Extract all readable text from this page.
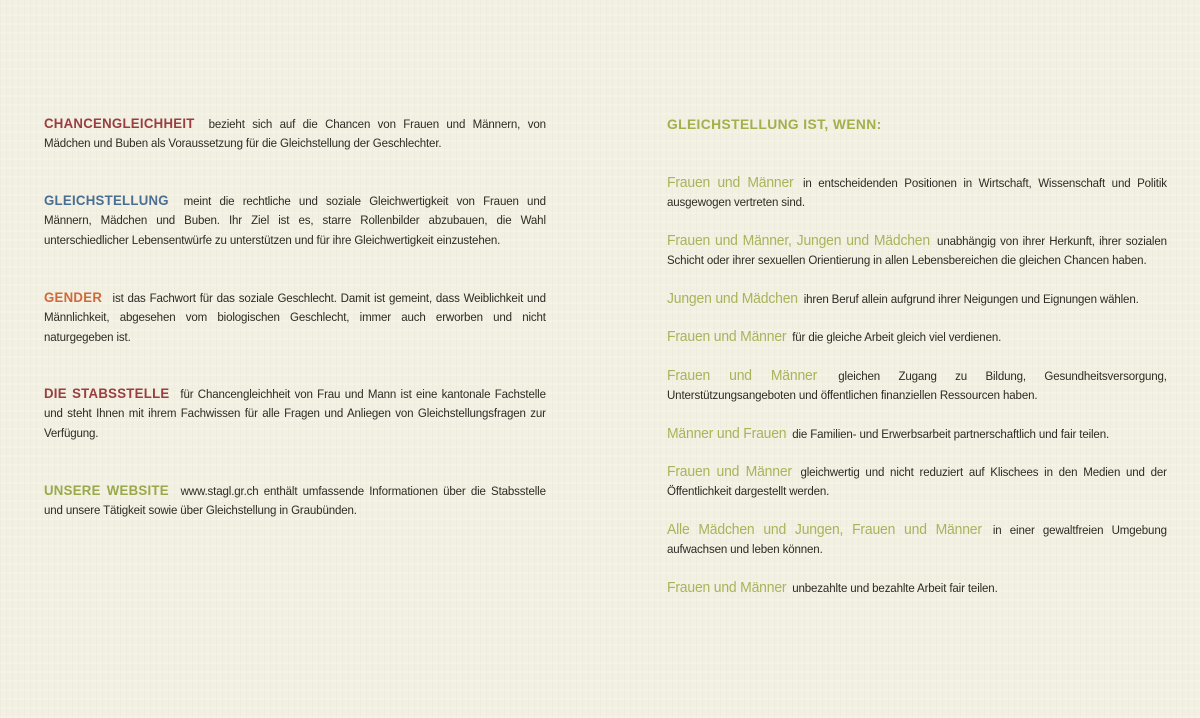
CHANCENGLEICHHEIT bezieht sich auf die Chancen von Frauen und Männern, von Mädchen und Buben als Voraussetzung für die Gleichstellung der Geschlechter.

GLEICHSTELLUNG meint die rechtliche und soziale Gleichwertigkeit von Frauen und Männern, Mädchen und Buben. Ihr Ziel ist es, starre Rollenbilder abzubauen, die Wahl unterschiedlicher Lebensentwürfe zu unterstützen und für ihre Gleichwertigkeit einzustehen.

GENDER ist das Fachwort für das soziale Geschlecht. Damit ist gemeint, dass Weiblichkeit und Männlichkeit, abgesehen vom biologischen Geschlecht, immer auch erworben und nicht naturgegeben ist.

DIE STABSSTELLE für Chancengleichheit von Frau und Mann ist eine kantonale Fachstelle und steht Ihnen mit ihrem Fachwissen für alle Fragen und Anliegen von Gleichstellungsfragen zur Verfügung.

UNSERE WEBSITE www.stagl.gr.ch enthält umfassende Informationen über die Stabsstelle und unsere Tätigkeit sowie über Gleichstellung in Graubünden.

GLEICHSTELLUNG IST, WENN:

Frauen und Männer in entscheidenden Positionen in Wirtschaft, Wissenschaft und Politik ausgewogen vertreten sind.

Frauen und Männer, Jungen und Mädchen unabhängig von ihrer Herkunft, ihrer sozialen Schicht oder ihrer sexuellen Orientierung in allen Lebensbereichen die gleichen Chancen haben.

Jungen und Mädchen ihren Beruf allein aufgrund ihrer Neigungen und Eignungen wählen.

Frauen und Männer für die gleiche Arbeit gleich viel verdienen.

Frauen und Männer gleichen Zugang zu Bildung, Gesundheitsversorgung, Unterstützungsangeboten und öffentlichen finanziellen Ressourcen haben.

Männer und Frauen die Familien- und Erwerbsarbeit partnerschaftlich und fair teilen.

Frauen und Männer gleichwertig und nicht reduziert auf Klischees in den Medien und der Öffentlichkeit dargestellt werden.

Alle Mädchen und Jungen, Frauen und Männer in einer gewaltfreien Umgebung aufwachsen und leben können.

Frauen und Männer unbezahlte und bezahlte Arbeit fair teilen.
